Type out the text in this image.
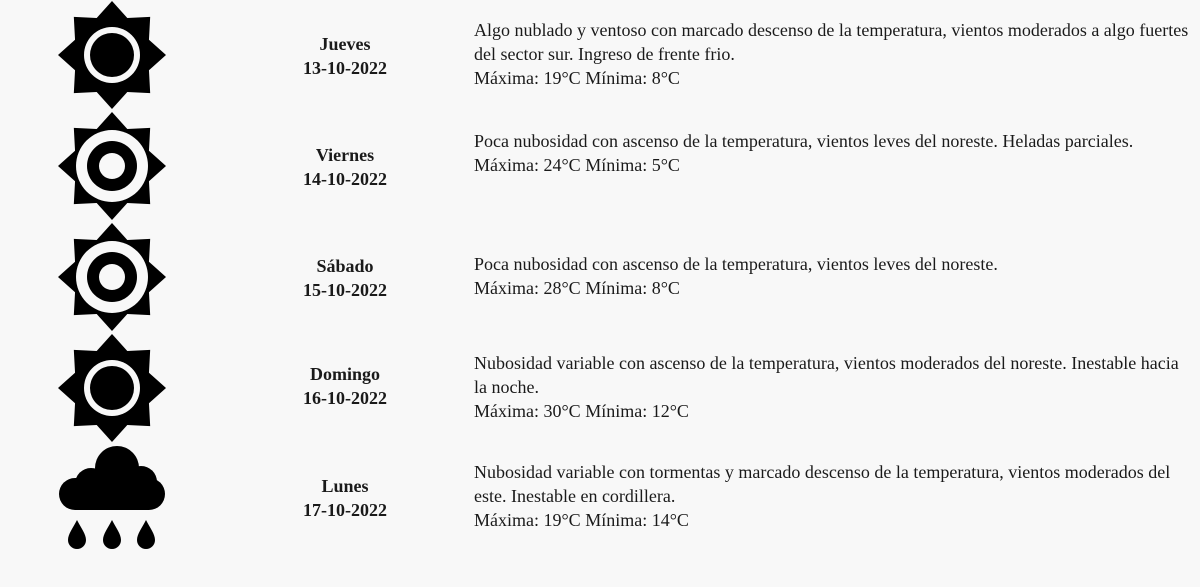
Jueves
13-10-2022

Algo nublado y ventoso con marcado descenso de la temperatura, vientos moderados a algo fuertes del sector sur. Ingreso de frente frio.

Máxima: 19°C Mínima: 8°C

Viernes
14-10-2022

Poca nubosidad con ascenso de la temperatura, vientos leves del noreste. Heladas parciales.

Máxima: 24°C Mínima: 5°C

Sábado
15-10-2022

Poca nubosidad con ascenso de la temperatura, vientos leves del noreste.

Máxima: 28°C Mínima: 8°C

Domingo
16-10-2022

Nubosidad variable con ascenso de la temperatura, vientos moderados del noreste. Inestable hacia la noche.

Máxima: 30°C Mínima: 12°C

Lunes
17-10-2022

Nubosidad variable con tormentas y marcado descenso de la temperatura, vientos moderados del este. Inestable en cordillera.

Máxima: 19°C Mínima: 14°C
